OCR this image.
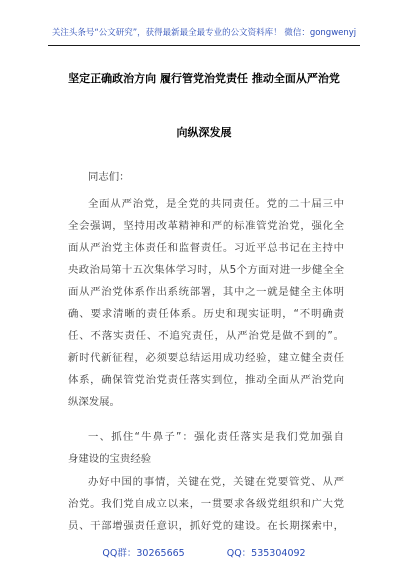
关注头条号“公文研究”，获得最新最全最专业的公文资料库！ 微信：gongwenyj
坚定正确政治方向 履行管党治党责任 推动全面从严治党
向纵深发展
同志们：
全面从严治党，是全党的共同责任。党的二十届三中
全会强调，坚持用改革精神和严的标准管党治党，强化全
面从严治党主体责任和监督责任。习近平总书记在主持中
央政治局第十五次集体学习时，从5个方面对进一步健全全
面从严治党体系作出系统部署，其中之一就是健全主体明
确、要求清晰的责任体系。历史和现实证明，“不明确责
任、不落实责任、不追究责任，从严治党是做不到的”。
新时代新征程，必须要总结运用成功经验，建立健全责任
体系，确保管党治党责任落实到位，推动全面从严治党向
纵深发展。
一、抓住“牛鼻子”：强化责任落实是我们党加强自
身建设的宝贵经验
办好中国的事情，关键在党，关键在党要管党、从严
治党。我们党自成立以来，一贯要求各级党组织和广大党
员、干部增强责任意识，抓好党的建设。在长期探索中，
QQ群：30265665	QQ：535304092
